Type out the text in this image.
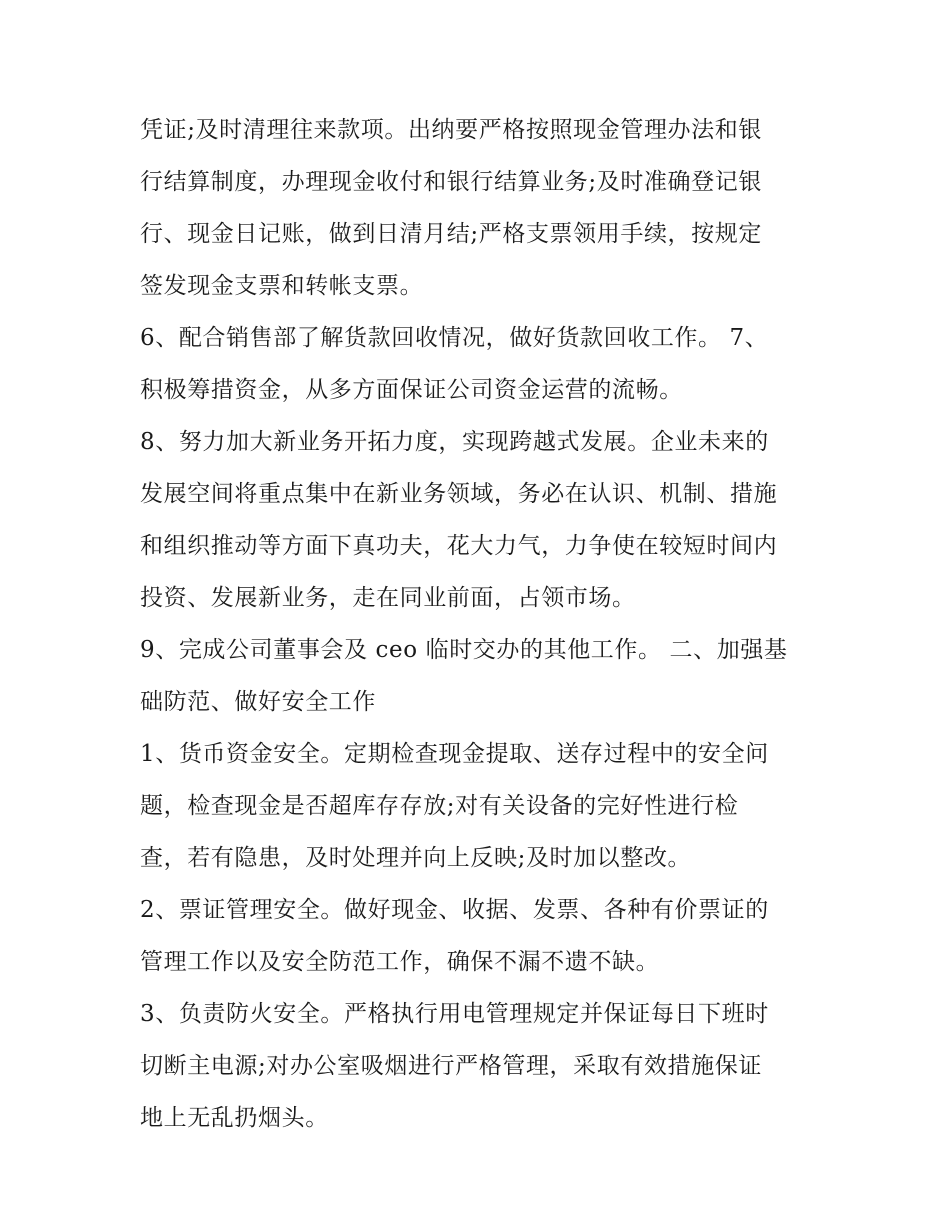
凭证;及时清理往来款项。出纳要严格按照现金管理办法和银
行结算制度，办理现金收付和银行结算业务;及时准确登记银
行、现金日记账，做到日清月结;严格支票领用手续，按规定
签发现金支票和转帐支票。
6、配合销售部了解货款回收情况，做好货款回收工作。 7、
积极筹措资金，从多方面保证公司资金运营的流畅。
8、努力加大新业务开拓力度，实现跨越式发展。企业未来的
发展空间将重点集中在新业务领域，务必在认识、机制、措施
和组织推动等方面下真功夫，花大力气，力争使在较短时间内
投资、发展新业务，走在同业前面，占领市场。
9、完成公司董事会及 ceo 临时交办的其他工作。 二、加强基
础防范、做好安全工作
1、货币资金安全。定期检查现金提取、送存过程中的安全问
题，检查现金是否超库存存放;对有关设备的完好性进行检
查，若有隐患，及时处理并向上反映;及时加以整改。
2、票证管理安全。做好现金、收据、发票、各种有价票证的
管理工作以及安全防范工作，确保不漏不遗不缺。
3、负责防火安全。严格执行用电管理规定并保证每日下班时
切断主电源;对办公室吸烟进行严格管理，采取有效措施保证
地上无乱扔烟头。
